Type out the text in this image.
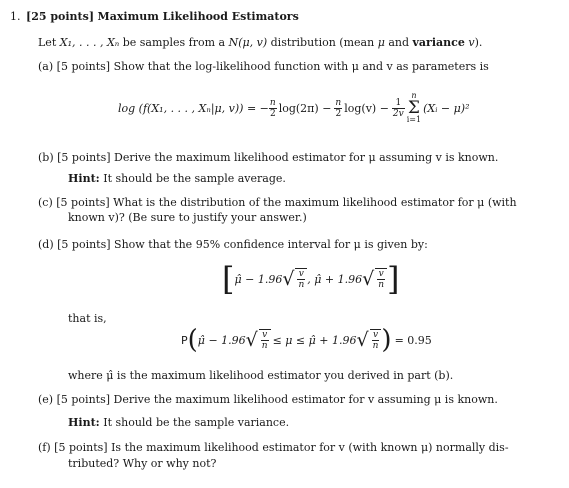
1. [25 points] Maximum Likelihood Estimators
Let X₁, . . . , Xₙ be samples from a N(μ, v) distribution (mean μ and variance v).
(a) [5 points] Show that the log-likelihood function with μ and v as parameters is
log (f(X₁, . . . , Xₙ|μ, v)) = − $\frac{n}{2} \log(2\pi) - \frac{n}{2} \log(v) - \frac{1}{2v}$
n
Σ
i=1
(Xᵢ − μ)²
(b) [5 points] Derive the maximum likelihood estimator for μ assuming v is known.
Hint: It should be the sample average.
(c) [5 points] What is the distribution of the maximum likelihood estimator for μ (with
known v)? (Be sure to justify your answer.)
(d) [5 points] Show that the 95% confidence interval for μ is given by:
[ μ̂ − 1.96 √ $\frac{v}{n}$ , μ̂ + 1.96 √ $\frac{v}{n}$ ]
that is,
P ( μ̂ − 1.96 √ $\frac{v}{n} \le \mu$ ≤ μ̂ + 1.96 √ $\frac{v}{n}$ ) = 0.95
where μ̂ is the maximum likelihood estimator you derived in part (b).
(e) [5 points] Derive the maximum likelihood estimator for v assuming μ is known.
Hint: It should be the sample variance.
(f) [5 points] Is the maximum likelihood estimator for v (with known μ) normally dis-
tributed? Why or why not?
